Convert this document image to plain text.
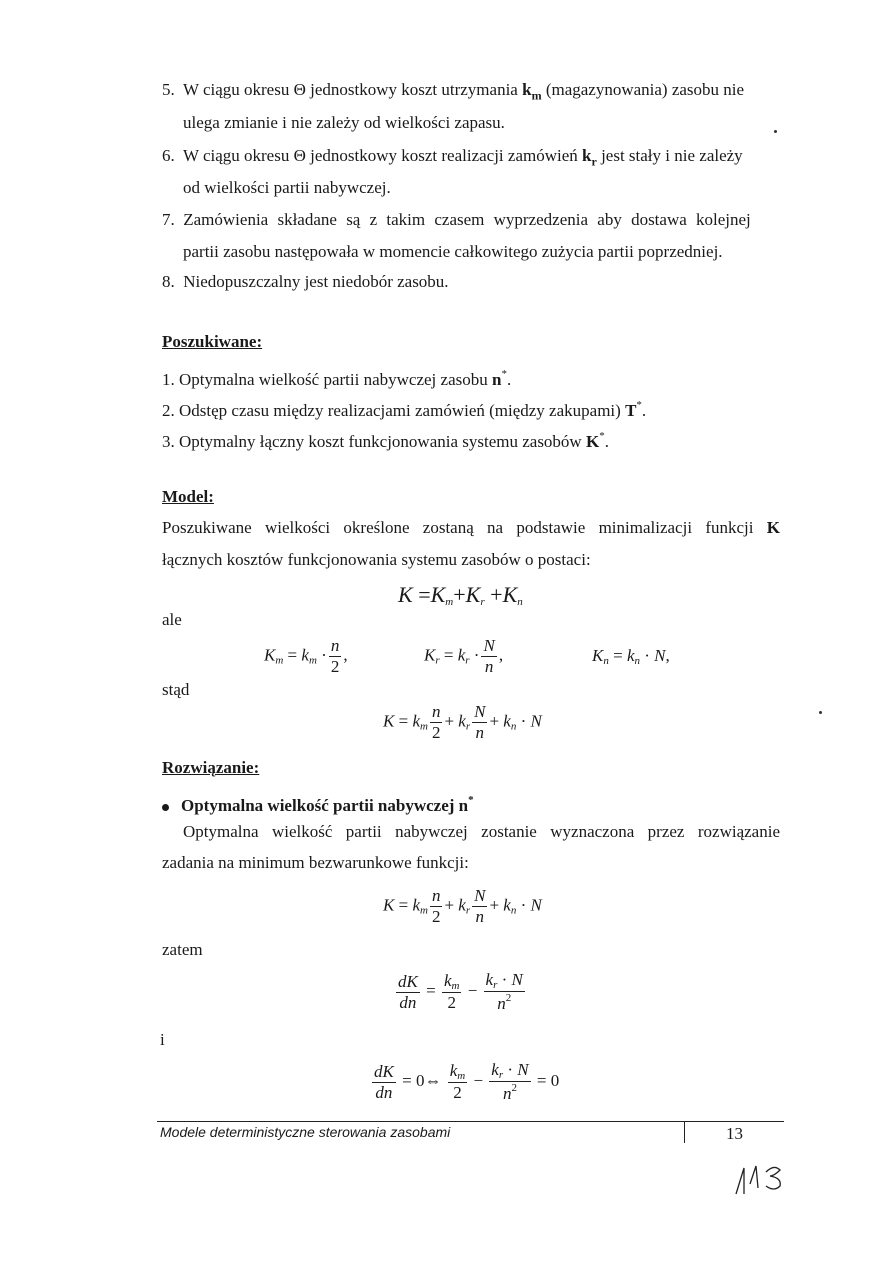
5. W ciągu okresu Θ jednostkowy koszt utrzymania $k_m$ (magazynowania) zasobu nie
ulega zmianie i nie zależy od wielkości zapasu.
6. W ciągu okresu Θ jednostkowy koszt realizacji zamówień $k_r$ jest stały i nie zależy
od wielkości partii nabywczej.
7. Zamówienia składane są z takim czasem wyprzedzenia aby dostawa kolejnej
partii zasobu następowała w momencie całkowitego zużycia partii poprzedniej.
8. Niedopuszczalny jest niedobór zasobu.
Poszukiwane:
1. Optymalna wielkość partii nabywczej zasobu n*.
2. Odstęp czasu między realizacjami zamówień (między zakupami) T*.
3. Optymalny łączny koszt funkcjonowania systemu zasobów K*.
Model:
Poszukiwane wielkości określone zostaną na podstawie minimalizacji funkcji K
łącznych kosztów funkcjonowania systemu zasobów o postaci:
$K =K_m+K_r +K_n$
ale
$K_m = k_m \cdot \frac{n}{2}$ ,	$K_r = k_r \cdot \frac{N}{n}$ ,	$K_n = k_n \cdot N$,
stąd
$K = k_m \frac{n}{2} + k_r \frac{N}{n} + k_n \cdot N$
Rozwiązanie:
Optymalna wielkość partii nabywczej n*
Optymalna wielkość partii nabywczej zostanie wyznaczona przez rozwiązanie
zadania na minimum bezwarunkowe funkcji:
$K = k_m \frac{n}{2} + k_r \frac{N}{n} + k_n \cdot N$
zatem
$\frac{dK}{dn} = \frac{k_m}{2} - \frac{k_r \cdot N}{n^2}$
i
$\frac{dK}{dn}$ = 0⇔ $\frac{k_m}{2} - \frac{k_r \cdot N}{n^2} = 0$
Modele deterministyczne sterowania zasobami	13
